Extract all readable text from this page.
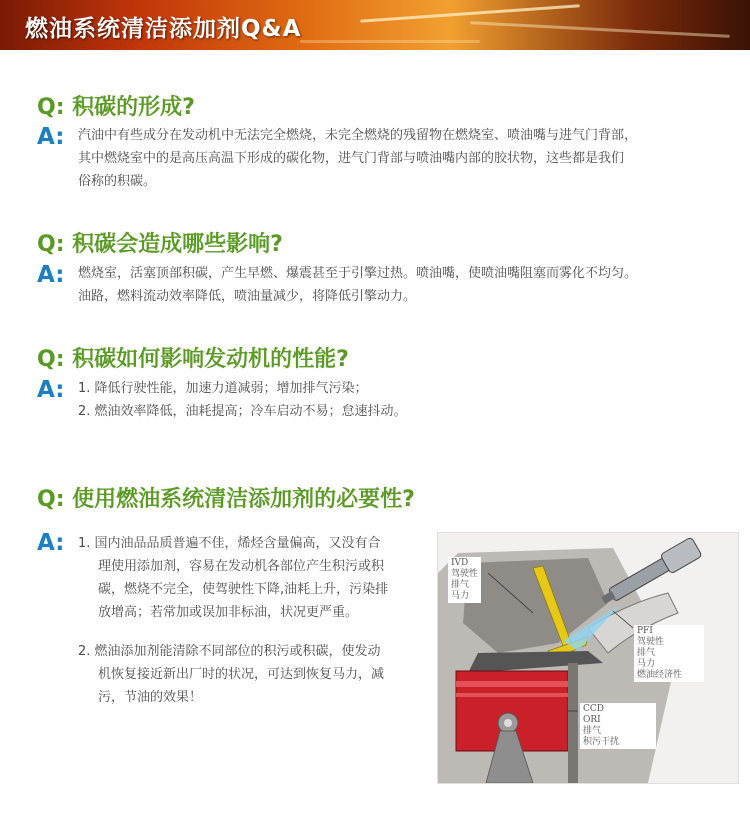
燃油系统清洁添加剂Q&A
Q: 积碳的形成?
A: 汽油中有些成分在发动机中无法完全燃烧，未完全燃烧的残留物在燃烧室、喷油嘴与进气门背部，

其中燃烧室中的是高压高温下形成的碳化物，进气门背部与喷油嘴内部的胶状物，这些都是我们

俗称的积碳。

Q: 积碳会造成哪些影响?
A: 燃烧室，活塞顶部积碳，产生早燃、爆震甚至于引擎过热。喷油嘴，使喷油嘴阻塞而雾化不均匀。

油路，燃料流动效率降低，喷油量减少，将降低引擎动力。

Q: 积碳如何影响发动机的性能?
A: 1. 降低行驶性能，加速力道减弱；增加排气污染；

2. 燃油效率降低，油耗提高；冷车启动不易；怠速抖动。

Q: 使用燃油系统清洁添加剂的必要性?
A: 1. 国内油品品质普遍不佳，烯烃含量偏高，又没有合

理使用添加剂，容易在发动机各部位产生积污或积

碳，燃烧不完全，使驾驶性下降,油耗上升，污染排

放增高；若常加或误加非标油，状况更严重。

2. 燃油添加剂能清除不同部位的积污或积碳，使发动

机恢复接近新出厂时的状况，可达到恢复马力，减

污，节油的效果！

IVD
驾驶性
排气
马力
PFI
驾驶性
排气
马力
燃油经济性
CCD
ORI
排气
积污干扰
